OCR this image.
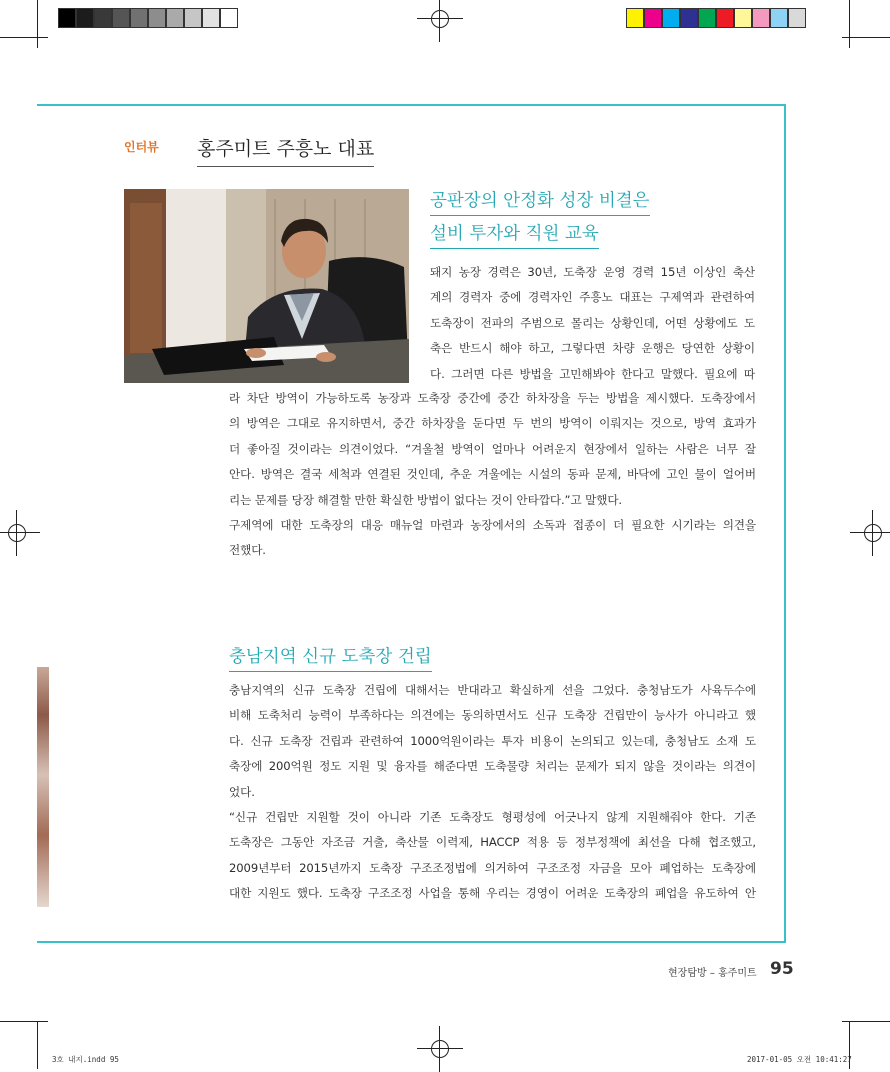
인터뷰 홍주미트 주흥노 대표
공판장의 안정화 성장 비결은
설비 투자와 직원 교육
돼지 농장 경력은 30년, 도축장 운영 경력 15년 이상인 축산
계의 경력자 중에 경력자인 주흥노 대표는 구제역과 관련하여
도축장이 전파의 주범으로 몰리는 상황인데, 어떤 상황에도 도
축은 반드시 해야 하고, 그렇다면 차량 운행은 당연한 상황이
다. 그러면 다른 방법을 고민해봐야 한다고 말했다. 필요에 따
라 차단 방역이 가능하도록 농장과 도축장 중간에 중간 하차장을 두는 방법을 제시했다. 도축장에서
의 방역은 그대로 유지하면서, 중간 하차장을 둔다면 두 번의 방역이 이뤄지는 것으로, 방역 효과가
더 좋아질 것이라는 의견이었다. “겨울철 방역이 얼마나 어려운지 현장에서 일하는 사람은 너무 잘
안다. 방역은 결국 세척과 연결된 것인데, 추운 겨울에는 시설의 동파 문제, 바닥에 고인 물이 얼어버
리는 문제를 당장 해결할 만한 확실한 방법이 없다는 것이 안타깝다.”고 말했다.
구제역에 대한 도축장의 대응 매뉴얼 마련과 농장에서의 소독과 접종이 더 필요한 시기라는 의견을
전했다.
충남지역 신규 도축장 건립
충남지역의 신규 도축장 건립에 대해서는 반대라고 확실하게 선을 그었다. 충청남도가 사육두수에
비해 도축처리 능력이 부족하다는 의견에는 동의하면서도 신규 도축장 건립만이 능사가 아니라고 했
다. 신규 도축장 건립과 관련하여 1000억원이라는 투자 비용이 논의되고 있는데, 충청남도 소재 도
축장에 200억원 정도 지원 및 융자를 해준다면 도축물량 처리는 문제가 되지 않을 것이라는 의견이
었다.
“신규 건립만 지원할 것이 아니라 기존 도축장도 형평성에 어긋나지 않게 지원해줘야 한다. 기존
도축장은 그동안 자조금 거출, 축산물 이력제, HACCP 적용 등 정부정책에 최선을 다해 협조했고,
2009년부터 2015년까지 도축장 구조조정법에 의거하여 구조조정 자금을 모아 폐업하는 도축장에
대한 지원도 했다. 도축장 구조조정 사업을 통해 우리는 경영이 어려운 도축장의 폐업을 유도하여 안
현장탐방 – 홍주미트 95
3호 내지.indd 95	2017-01-05 오전 10:41:27
